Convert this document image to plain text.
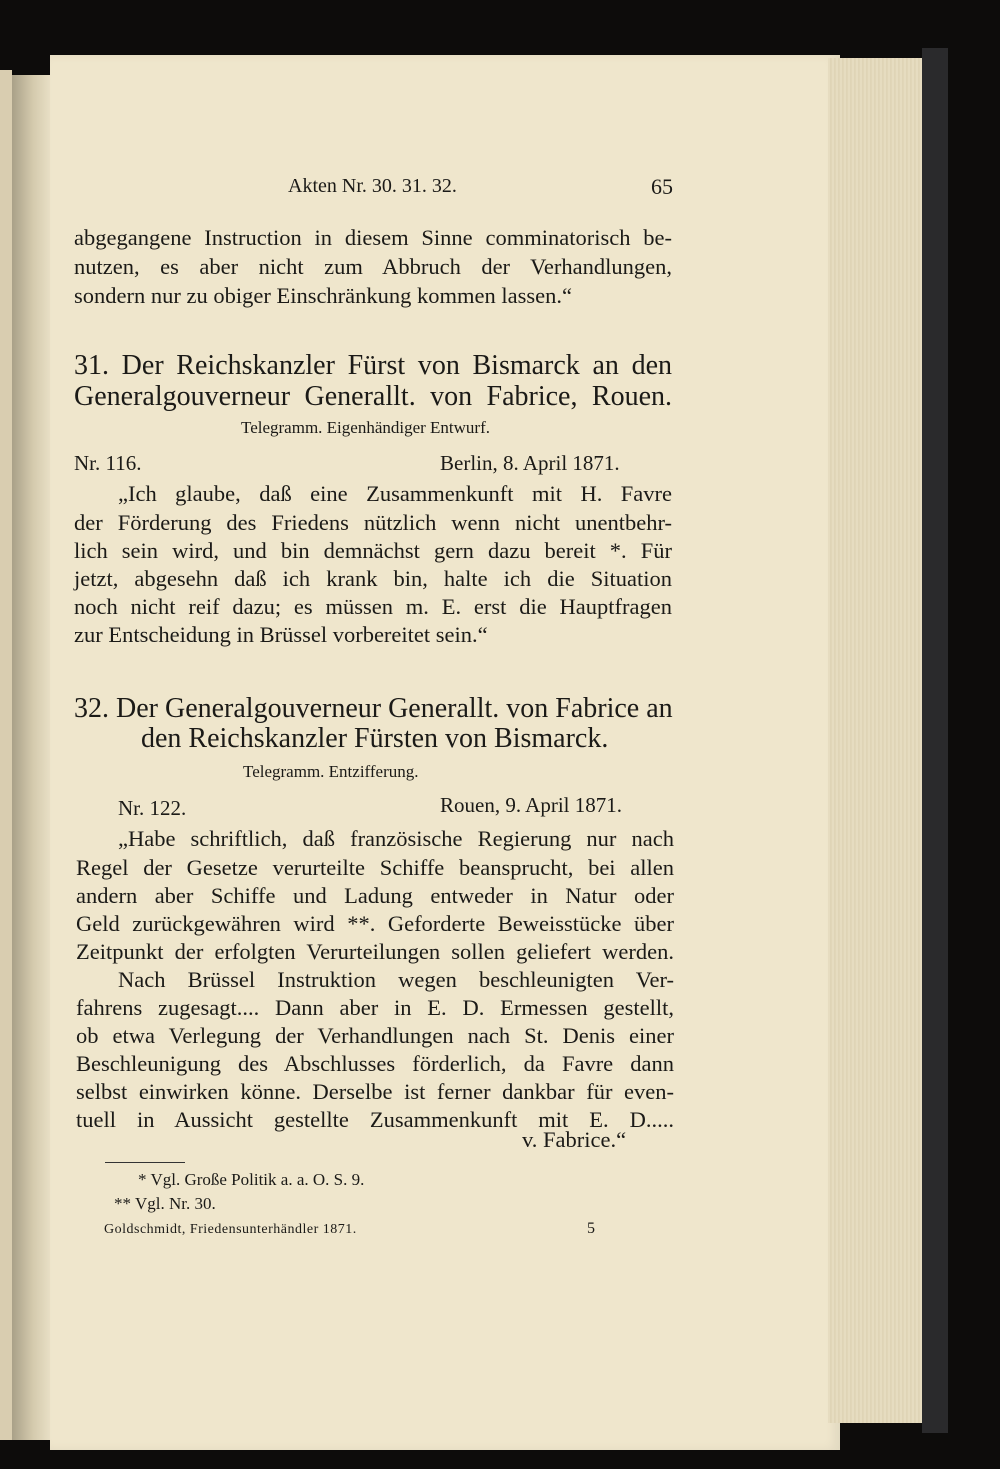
Akten Nr. 30. 31. 32.	65

abgegangene Instruction in diesem Sinne comminatorisch be-

nutzen, es aber nicht zum Abbruch der Verhandlungen,

sondern nur zu obiger Einschränkung kommen lassen.“

31. Der Reichskanzler Fürst von Bismarck an den

Generalgouverneur Generallt. von Fabrice, Rouen.

Telegramm. Eigenhändiger Entwurf.

Nr. 116.	Berlin, 8. April 1871.

„Ich glaube, daß eine Zusammenkunft mit H. Favre

der Förderung des Friedens nützlich wenn nicht unentbehr-

lich sein wird, und bin demnächst gern dazu bereit *. Für

jetzt, abgesehn daß ich krank bin, halte ich die Situation

noch nicht reif dazu; es müssen m. E. erst die Hauptfragen

zur Entscheidung in Brüssel vorbereitet sein.“

32. Der Generalgouverneur Generallt. von Fabrice an

den Reichskanzler Fürsten von Bismarck.

Telegramm. Entzifferung.

Nr. 122.	Rouen, 9. April 1871.

„Habe schriftlich, daß französische Regierung nur nach

Regel der Gesetze verurteilte Schiffe beansprucht, bei allen

andern aber Schiffe und Ladung entweder in Natur oder

Geld zurückgewähren wird **. Geforderte Beweisstücke über

Zeitpunkt der erfolgten Verurteilungen sollen geliefert werden.

Nach Brüssel Instruktion wegen beschleunigten Ver-

fahrens zugesagt.... Dann aber in E. D. Ermessen gestellt,

ob etwa Verlegung der Verhandlungen nach St. Denis einer

Beschleunigung des Abschlusses förderlich, da Favre dann

selbst einwirken könne. Derselbe ist ferner dankbar für even-

tuell in Aussicht gestellte Zusammenkunft mit E. D.....

v. Fabrice.“

* Vgl. Große Politik a. a. O. S. 9.

** Vgl. Nr. 30.

Goldschmidt, Friedensunterhändler 1871.	5
